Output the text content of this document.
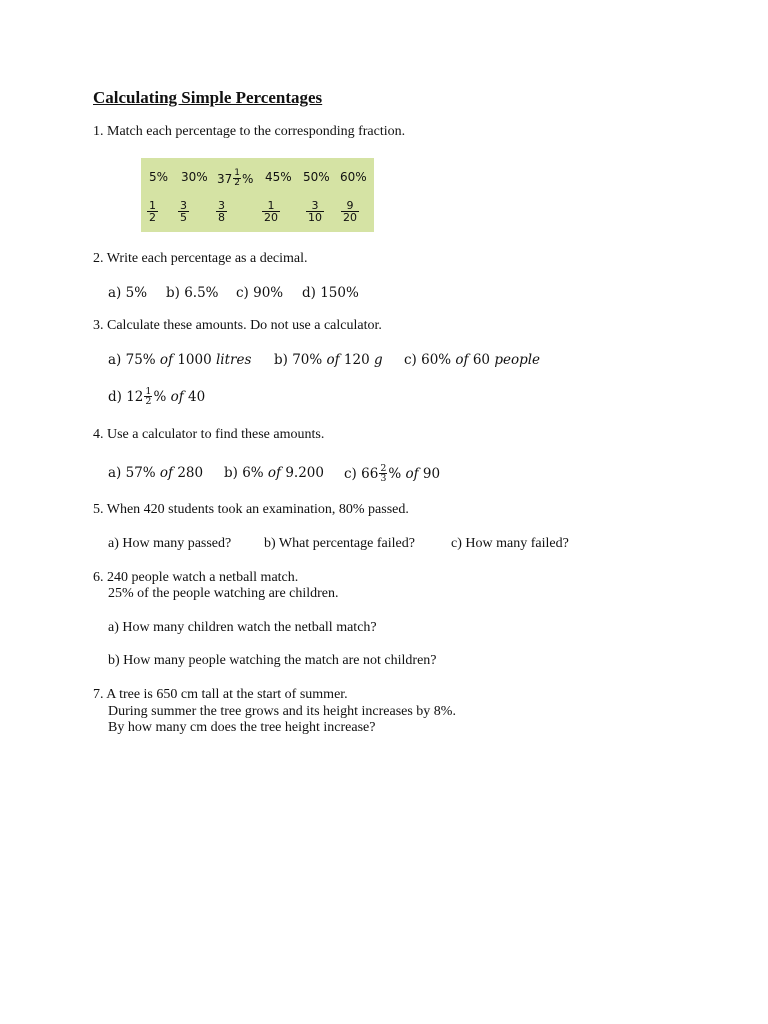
Calculating Simple Percentages
1. Match each percentage to the corresponding fraction.
5% 30% $37 \frac{1}{2}$ % 45% 50% 60%
$\frac{1}{2} \frac{3}{5} \frac{3}{8}$	$\frac{1}{20} \frac{3}{10} \frac{9}{20}$
2. Write each percentage as a decimal.
a) 5% b) 6.5% c) 90% d) 150%
3. Calculate these amounts. Do not use a calculator.
a) 75% of 1000 litres b) 70% of 120 g c) 60% of 60 people
d) $12 \frac{1}{2}$ % of 40
4. Use a calculator to find these amounts.
a) 57% of 280 b) 6% of 9.200 c) $66 \frac{2}{3}$ % of 90
5. When 420 students took an examination, 80% passed.
a) How many passed? b) What percentage failed?	c) How many failed?
6. 240 people watch a netball match.
25% of the people watching are children.
a) How many children watch the netball match?
b) How many people watching the match are not children?
7. A tree is 650 cm tall at the start of summer.
During summer the tree grows and its height increases by 8%.
By how many cm does the tree height increase?
